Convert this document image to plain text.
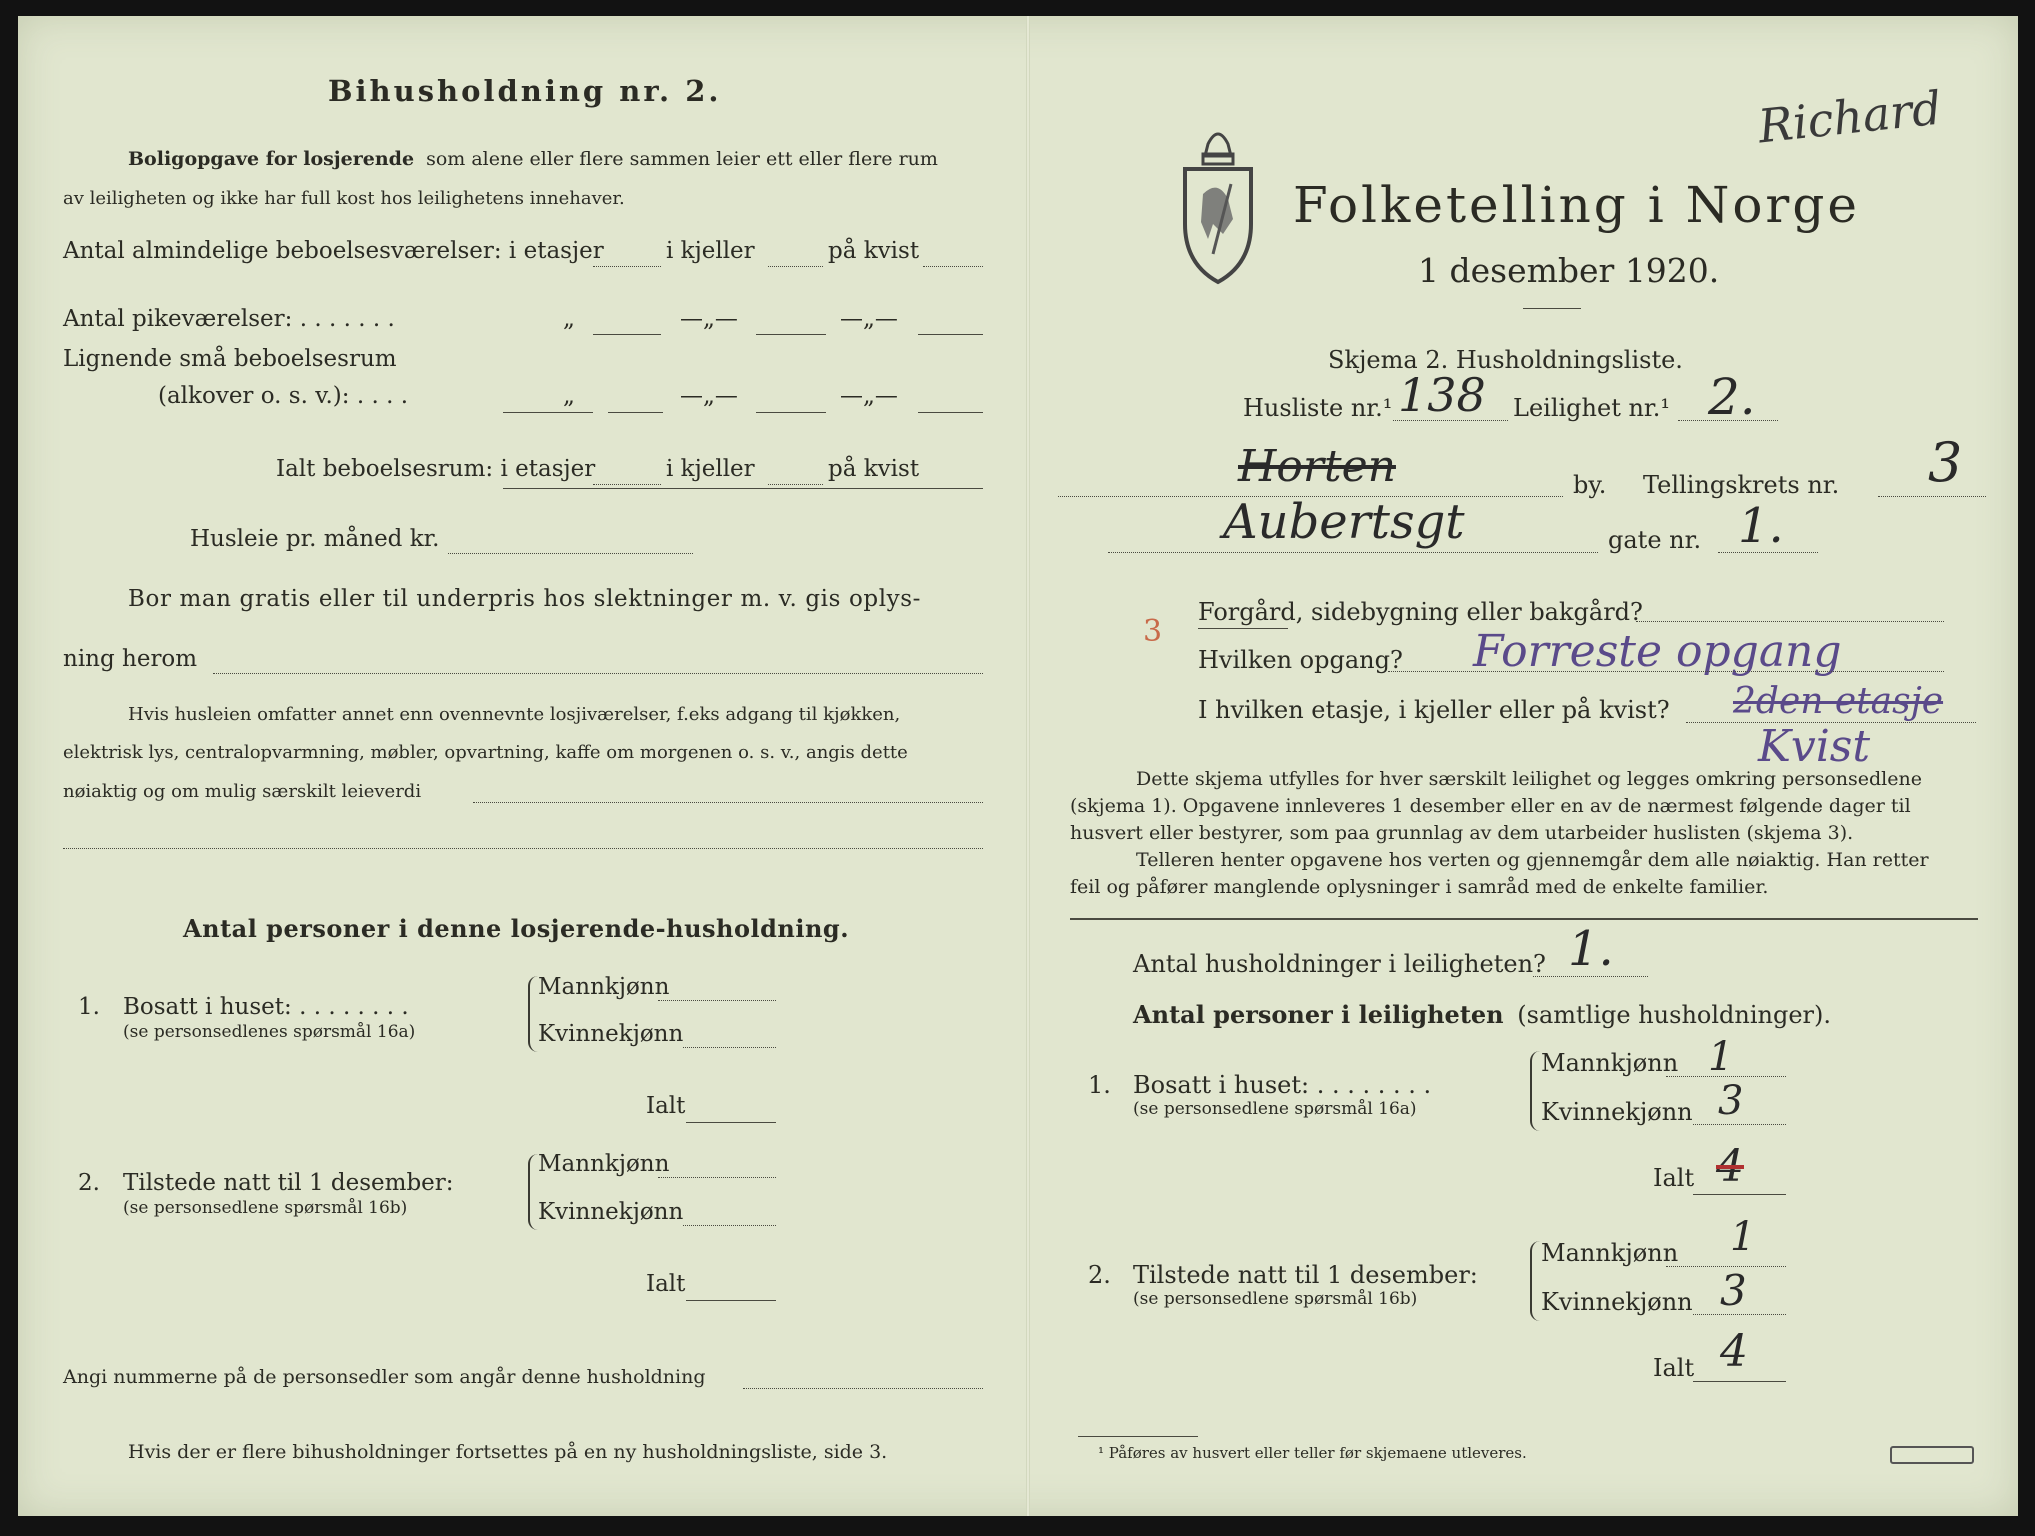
Bihusholdning nr. 2.
Boligopgave for losjerende som alene eller flere sammen leier ett eller flere rum
av leiligheten og ikke har full kost hos leilighetens innehaver.
Antal almindelige beboelsesværelser: i etasjer	i kjeller	på kvist
Antal pikeværelser: . . . . . . .	„	—„—	—„—
Lignende små beboelsesrum
(alkover o. s. v.): . . . .	„	—„—	—„—
Ialt beboelsesrum: i etasjer	i kjeller	på kvist
Husleie pr. måned kr.
Bor man gratis eller til underpris hos slektninger m. v. gis oplys-
ning herom
Hvis husleien omfatter annet enn ovennevnte losjiværelser, f.eks adgang til kjøkken,
elektrisk lys, centralopvarmning, møbler, opvartning, kaffe om morgenen o. s. v., angis dette
nøiaktig og om mulig særskilt leieverdi
Antal personer i denne losjerende-husholdning.
1. Bosatt i huset: . . . . . . . .
(se personsedlenes spørsmål 16a)
Mannkjønn
Kvinnekjønn
Ialt
2. Tilstede natt til 1 desember:
(se personsedlene spørsmål 16b)
Mannkjønn
Kvinnekjønn
Ialt
Angi nummerne på de personsedler som angår denne husholdning
Hvis der er flere bihusholdninger fortsettes på en ny husholdningsliste, side 3.
Richard
Folketelling i Norge
1 desember 1920.
Skjema 2. Husholdningsliste.
Husliste nr.¹ 138 Leilighet nr.¹ 2.
Horten	by. Tellingskrets nr. 3
Aubertsgt	gate nr. 1.
3
Forgård, sidebygning eller bakgård?
Hvilken opgang? Forreste opgang
I hvilken etasje, i kjeller eller på kvist? 2den etasje
Kvist
Dette skjema utfylles for hver særskilt leilighet og legges omkring personsedlene
(skjema 1). Opgavene innleveres 1 desember eller en av de nærmest følgende dager til
husvert eller bestyrer, som paa grunnlag av dem utarbeider huslisten (skjema 3).
Telleren henter opgavene hos verten og gjennemgår dem alle nøiaktig. Han retter
feil og påfører manglende oplysninger i samråd med de enkelte familier.
Antal husholdninger i leiligheten? 1.
Antal personer i leiligheten (samtlige husholdninger).
1. Bosatt i huset: . . . . . . . .
(se personsedlene spørsmål 16a)
Mannkjønn 1
Kvinnekjønn 3
Ialt 4
2. Tilstede natt til 1 desember:
(se personsedlene spørsmål 16b)
Mannkjønn 1
Kvinnekjønn 3
Ialt 4
¹ Påføres av husvert eller teller før skjemaene utleveres.
